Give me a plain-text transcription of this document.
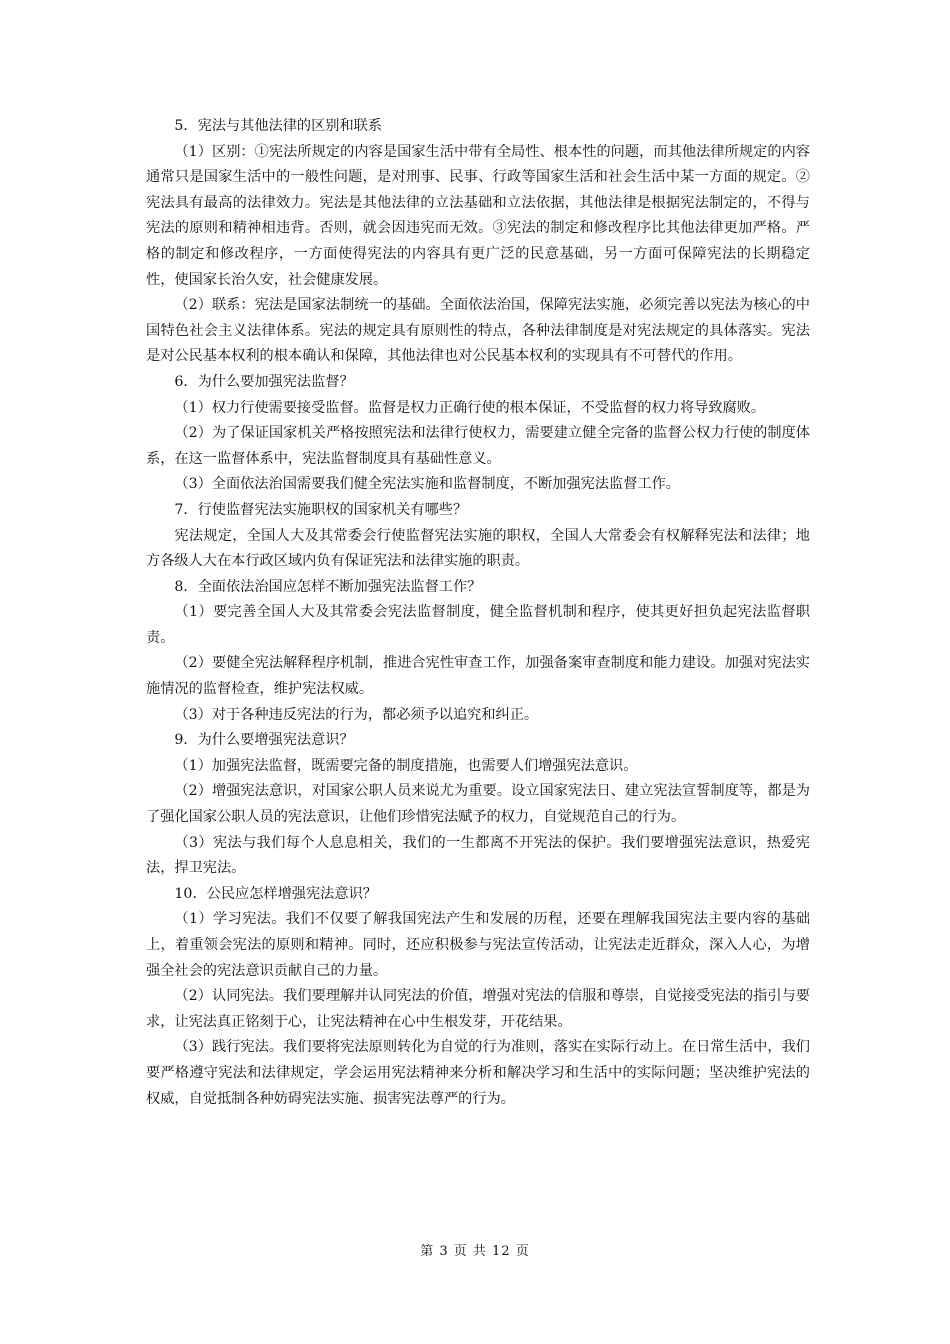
5．宪法与其他法律的区别和联系

（1）区别：①宪法所规定的内容是国家生活中带有全局性、根本性的问题，而其他法律所规定的内容通常只是国家生活中的一般性问题，是对刑事、民事、行政等国家生活和社会生活中某一方面的规定。②宪法具有最高的法律效力。宪法是其他法律的立法基础和立法依据，其他法律是根据宪法制定的，不得与宪法的原则和精神相违背。否则，就会因违宪而无效。③宪法的制定和修改程序比其他法律更加严格。严格的制定和修改程序，一方面使得宪法的内容具有更广泛的民意基础，另一方面可保障宪法的长期稳定性，使国家长治久安，社会健康发展。

（2）联系：宪法是国家法制统一的基础。全面依法治国，保障宪法实施，必须完善以宪法为核心的中国特色社会主义法律体系。宪法的规定具有原则性的特点，各种法律制度是对宪法规定的具体落实。宪法是对公民基本权利的根本确认和保障，其他法律也对公民基本权利的实现具有不可替代的作用。

6．为什么要加强宪法监督？

（1）权力行使需要接受监督。监督是权力正确行使的根本保证，不受监督的权力将导致腐败。

（2）为了保证国家机关严格按照宪法和法律行使权力，需要建立健全完备的监督公权力行使的制度体系，在这一监督体系中，宪法监督制度具有基础性意义。

（3）全面依法治国需要我们健全宪法实施和监督制度，不断加强宪法监督工作。

7．行使监督宪法实施职权的国家机关有哪些？

宪法规定，全国人大及其常委会行使监督宪法实施的职权，全国人大常委会有权解释宪法和法律；地方各级人大在本行政区域内负有保证宪法和法律实施的职责。

8．全面依法治国应怎样不断加强宪法监督工作？

（1）要完善全国人大及其常委会宪法监督制度，健全监督机制和程序，使其更好担负起宪法监督职责。

（2）要健全宪法解释程序机制，推进合宪性审查工作，加强备案审查制度和能力建设。加强对宪法实施情况的监督检查，维护宪法权威。

（3）对于各种违反宪法的行为，都必须予以追究和纠正。

9．为什么要增强宪法意识？

（1）加强宪法监督，既需要完备的制度措施，也需要人们增强宪法意识。

（2）增强宪法意识，对国家公职人员来说尤为重要。设立国家宪法日、建立宪法宣誓制度等，都是为了强化国家公职人员的宪法意识，让他们珍惜宪法赋予的权力，自觉规范自己的行为。

（3）宪法与我们每个人息息相关，我们的一生都离不开宪法的保护。我们要增强宪法意识，热爱宪法，捍卫宪法。

10．公民应怎样增强宪法意识？

（1）学习宪法。我们不仅要了解我国宪法产生和发展的历程，还要在理解我国宪法主要内容的基础上，着重领会宪法的原则和精神。同时，还应积极参与宪法宣传活动，让宪法走近群众，深入人心，为增强全社会的宪法意识贡献自己的力量。

（2）认同宪法。我们要理解并认同宪法的价值，增强对宪法的信服和尊崇，自觉接受宪法的指引与要求，让宪法真正铭刻于心，让宪法精神在心中生根发芽，开花结果。

（3）践行宪法。我们要将宪法原则转化为自觉的行为准则，落实在实际行动上。在日常生活中，我们要严格遵守宪法和法律规定，学会运用宪法精神来分析和解决学习和生活中的实际问题；坚决维护宪法的权威，自觉抵制各种妨碍宪法实施、损害宪法尊严的行为。

第 3 页 共 12 页
